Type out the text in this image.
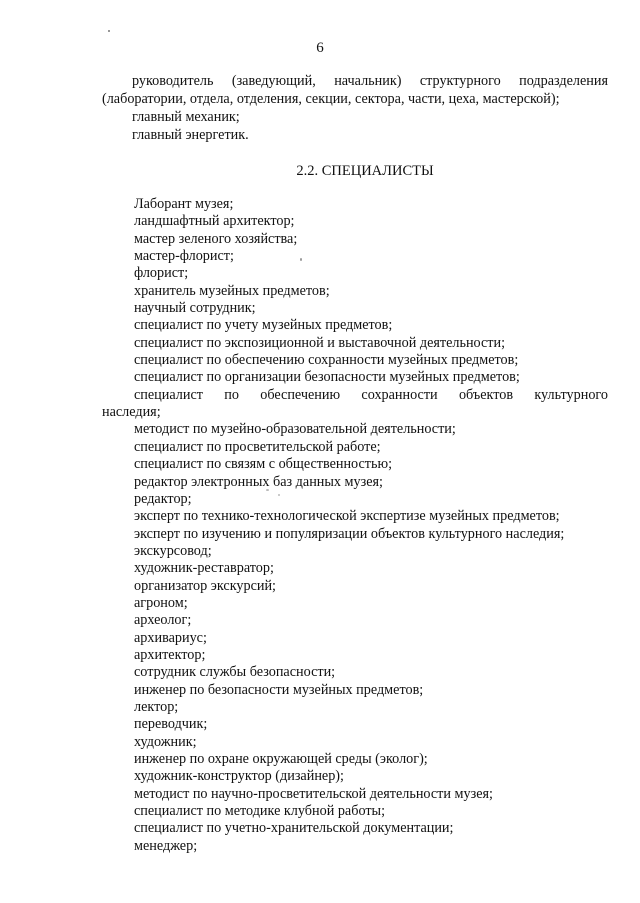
6

руководитель (заведующий, начальник) структурного подразделения

(лаборатории, отдела, отделения, секции, сектора, части, цеха, мастерской);

главный механик;

главный энергетик.

2.2. СПЕЦИАЛИСТЫ
Лаборант музея;
ландшафтный архитектор;
мастер зеленого хозяйства;
мастер-флорист;
флорист;
хранитель музейных предметов;
научный сотрудник;
специалист по учету музейных предметов;
специалист по экспозиционной и выставочной деятельности;
специалист по обеспечению сохранности музейных предметов;
специалист по организации безопасности музейных предметов;
специалист по обеспечению сохранности объектов культурного
наследия;
методист по музейно-образовательной деятельности;
специалист по просветительской работе;
специалист по связям с общественностью;
редактор электронных баз данных музея;
редактор;
эксперт по технико-технологической экспертизе музейных предметов;
эксперт по изучению и популяризации объектов культурного наследия;
экскурсовод;
художник-реставратор;
организатор экскурсий;
агроном;
археолог;
архивариус;
архитектор;
сотрудник службы безопасности;
инженер по безопасности музейных предметов;
лектор;
переводчик;
художник;
инженер по охране окружающей среды (эколог);
художник-конструктор (дизайнер);
методист по научно-просветительской деятельности музея;
специалист по методике клубной работы;
специалист по учетно-хранительской документации;
менеджер;
